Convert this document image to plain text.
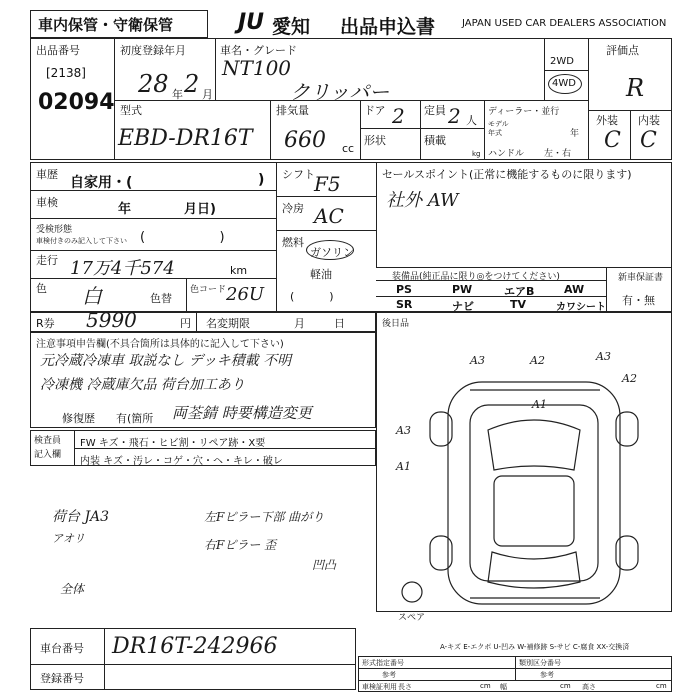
車内保管・守衛保管	JU 愛知 出品申込書	JAPAN USED CAR DEALERS ASSOCIATION
出品番号
[2138]
02094
初度登録年月
28 年 2 月
車名・グレード
NT100
クリッパー
2WD
4WD
評価点
R
外装 内装
C C
型式
EBD-DR16T
排気量
660 cc
ドア 2
形状
定員 2 人
積載
kg
ディーラー・並行
モデル
年式	年
ハンドル 左・右
車歴
自家用・(	)
車検	年	月日)
受検形態
車検付きのみ記入して下さい (                  )
走行 17万4千574	km
色 白	色替
色コード 26U
シフト F5
冷房 AC
燃料
ガソリン
軽油
(          )
セールスポイント(正常に機能するものに限ります)
社外 AW
装備品(純正品に限り◎をつけてください)
PS	PW	エアB	AW
SR	ナビ	TV	カワシート
新車保証書
有・無
R券 5990	円 名変期限	月	日	後日品
注意事項申告欄(不具合箇所は具体的に記入して下さい)
元冷蔵冷凍車 取説なし デッキ積載 不明
冷凍機 冷蔵庫欠品 荷台加工あり
修復歴 有(箇所 両荃錆 時要構造変更
検査員
記入欄
FW キズ・飛石・ヒビ割・リペア跡・X要
内装 キズ・汚レ・コゲ・穴・ヘ・キレ・破レ
荷台 JA3
アオリ
左Fピラー下部 曲がり
右Fピラー 歪
凹凸
全体
A3	A2	A3
A2
A1
A3
A1
スペア
車台番号 DR16T-242966
登録番号
A-キズ E-エクボ U-凹み W-補修跡 S-サビ C-腐食 XX-交換済
形式指定番号	類別区分番号
参考	参考
車検証利用 長さ	cm 幅	cm 高さ	cm
